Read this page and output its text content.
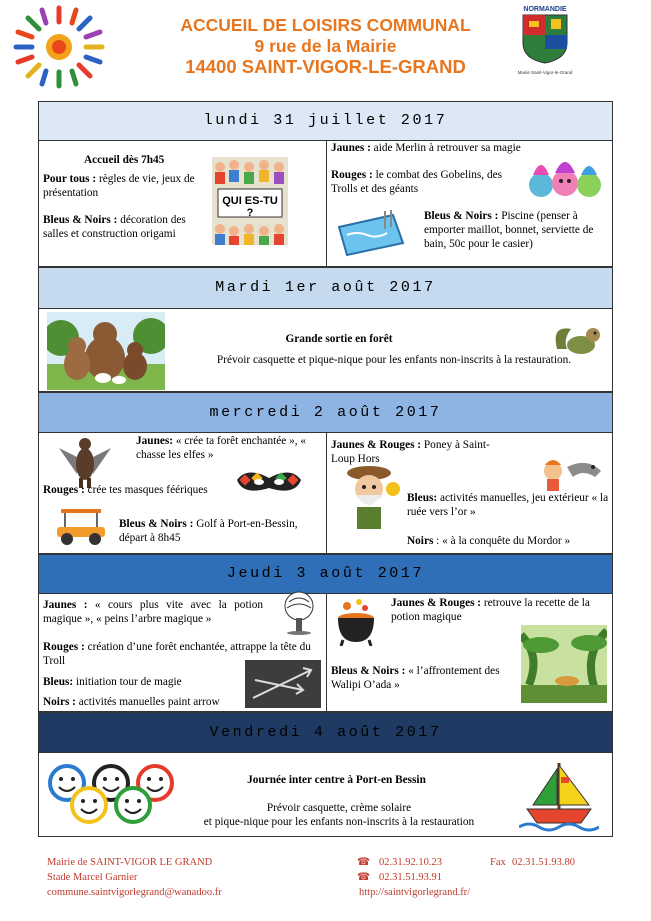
ACCUEIL DE LOISIRS COMMUNAL
9 rue de la Mairie
14400 SAINT-VIGOR-LE-GRAND
NORMANDIE
Mairie Saint-Vigor-le-Grand
lundi 31 juillet 2017
Accueil dès 7h45
Pour tous : règles de vie, jeux de présentation
Bleus & Noirs : décoration des salles et construction origami
QUI ES-TU ?
Jaunes : aide Merlin à retrouver sa magie
Rouges : le combat des Gobelins, des Trolls et des géants
Bleus & Noirs : Piscine (penser à emporter maillot, bonnet, serviette de bain, 50c pour le casier)
Mardi 1er août 2017
Grande sortie en forêt
Prévoir casquette et pique-nique pour les enfants non-inscrits à la restauration.
mercredi 2 août 2017
Jaunes: « crée ta forêt enchantée », « chasse les elfes »
Rouges : crée tes masques féériques
Bleus & Noirs : Golf à Port-en-Bessin, départ à 8h45
Jaunes & Rouges : Poney à Saint-Loup Hors
Bleus: activités manuelles, jeu extérieur « la ruée vers l’or »
Noirs : « à la conquête du Mordor »
Jeudi 3 août 2017
Jaunes : « cours plus vite avec la potion magique », « peins l’arbre magique »
Rouges : création d’une forêt enchantée, attrappe la tête du Troll
Bleus: initiation tour de magie
Noirs : activités manuelles paint arrow
Jaunes & Rouges : retrouve la recette de la potion magique
Bleus & Noirs : « l’affrontement des Walipi O’ada »
Vendredi 4 août 2017
Journée inter centre à Port-en Bessin
Prévoir casquette, crème solaire
et pique-nique pour les enfants non-inscrits à la restauration
Mairie de SAINT-VIGOR LE GRAND
Stade Marcel Garnier
commune.saintvigorlegrand@wanadoo.fr
☎ 02.31.92.10.23	Fax 02.31.51.93.80
☎ 02.31.51.93.91
http://saintvigorlegrand.fr/
